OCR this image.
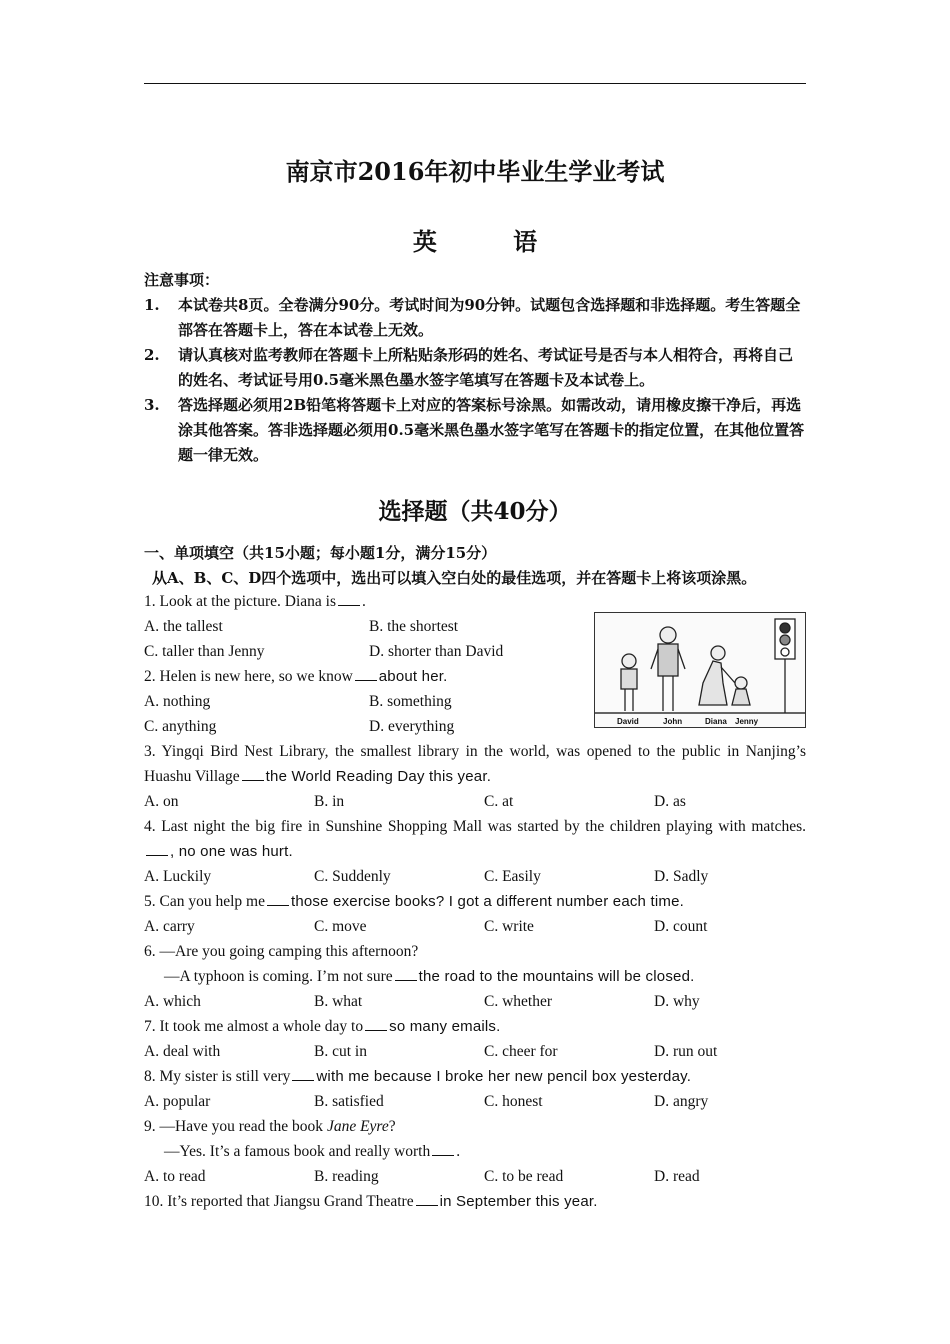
南京市2016年初中毕业生学业考试
英 语
注意事项：
1. 本试卷共8页。全卷满分90分。考试时间为90分钟。试题包含选择题和非选择题。考生答题全部答在答题卡上，答在本试卷上无效。
2. 请认真核对监考教师在答题卡上所粘贴条形码的姓名、考试证号是否与本人相符合，再将自己的姓名、考试证号用0.5毫米黑色墨水签字笔填写在答题卡及本试卷上。
3. 答选择题必须用2B铅笔将答题卡上对应的答案标号涂黑。如需改动，请用橡皮擦干净后，再选涂其他答案。答非选择题必须用0.5毫米黑色墨水签字笔写在答题卡的指定位置，在其他位置答题一律无效。
选择题（共40分）
一、单项填空（共15小题；每小题1分，满分15分）
从A、B、C、D四个选项中，选出可以填入空白处的最佳选项，并在答题卡上将该项涂黑。
David	John	Diana Jenny
1. Look at the picture. Diana is .
A. the tallest	B. the shortest
C. taller than Jenny	D. shorter than David
2. Helen is new here, so we know about her.
A. nothing	B. something
C. anything	D. everything
3. Yingqi Bird Nest Library, the smallest library in the world, was opened to the public in Nanjing’s Huashu Village the World Reading Day this year.
A. on	B. in	C. at	D. as
4. Last night the big fire in Sunshine Shopping Mall was started by the children playing with matches. , no one was hurt.
A. Luckily	C. Suddenly	C. Easily	D. Sadly
5. Can you help me those exercise books? I got a different number each time.
A. carry	C. move	C. write	D. count
6. —Are you going camping this afternoon?
—A typhoon is coming. I’m not sure the road to the mountains will be closed.
A. which	B. what	C. whether	D. why
7. It took me almost a whole day to so many emails.
A. deal with	B. cut in	C. cheer for	D. run out
8. My sister is still very with me because I broke her new pencil box yesterday.
A. popular	B. satisfied	C. honest	D. angry
9. —Have you read the book Jane Eyre?
—Yes. It’s a famous book and really worth .
A. to read	B. reading	C. to be read	D. read
10. It’s reported that Jiangsu Grand Theatre in September this year.
